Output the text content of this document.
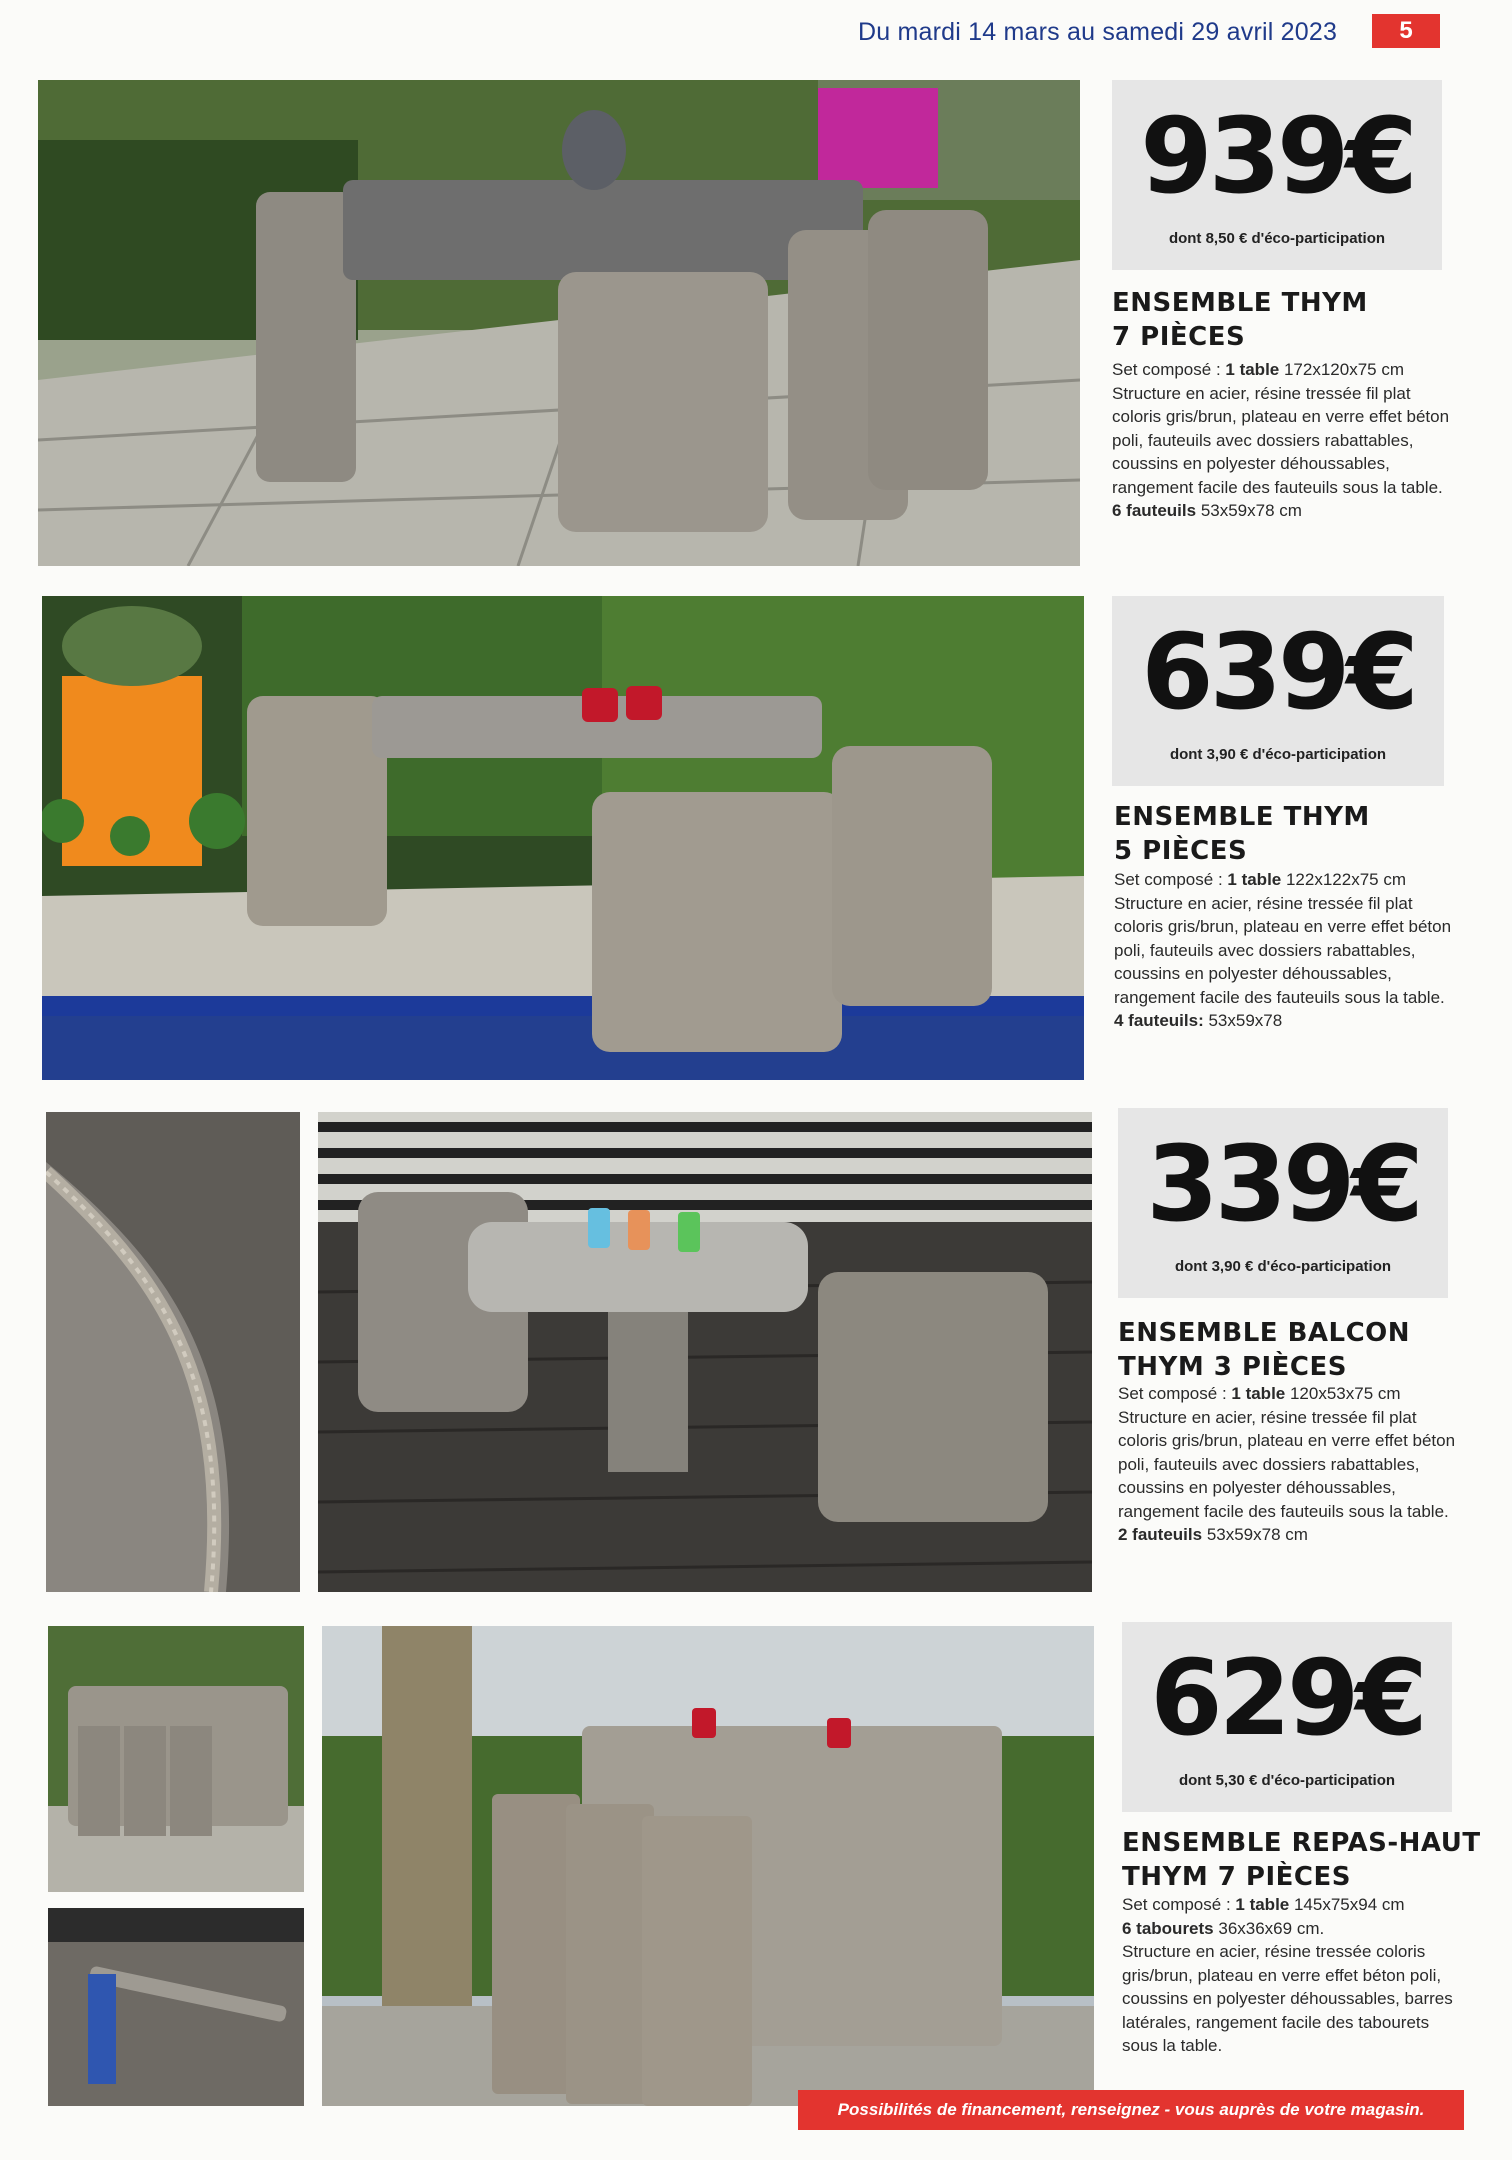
Du mardi 14 mars au samedi 29 avril 2023	5
939€
dont 8,50 € d'éco-participation
ENSEMBLE THYM
7 PIÈCES
Set composé : 1 table 172x120x75 cm
Structure en acier, résine tressée fil plat coloris gris/brun, plateau en verre effet béton poli, fauteuils avec dossiers rabattables, coussins en polyester déhoussables, rangement facile des fauteuils sous la table.
6 fauteuils 53x59x78 cm
639€
dont 3,90 € d'éco-participation
ENSEMBLE THYM
5 PIÈCES
Set composé : 1 table 122x122x75 cm
Structure en acier, résine tressée fil plat coloris gris/brun, plateau en verre effet béton poli, fauteuils avec dossiers rabattables, coussins en polyester déhoussables, rangement facile des fauteuils sous la table.
4 fauteuils: 53x59x78
339€
dont 3,90 € d'éco-participation
ENSEMBLE BALCON
THYM 3 PIÈCES
Set composé : 1 table 120x53x75 cm
Structure en acier, résine tressée fil plat coloris gris/brun, plateau en verre effet béton poli, fauteuils avec dossiers rabattables, coussins en polyester déhoussables, rangement facile des fauteuils sous la table.
2 fauteuils 53x59x78 cm
629€
dont 5,30 € d'éco-participation
ENSEMBLE REPAS-HAUT
THYM 7 PIÈCES
Set composé : 1 table 145x75x94 cm
6 tabourets 36x36x69 cm.
Structure en acier, résine tressée coloris gris/brun, plateau en verre effet béton poli, coussins en polyester déhoussables, barres latérales, rangement facile des tabourets sous la table.
Possibilités de financement, renseignez - vous auprès de votre magasin.
